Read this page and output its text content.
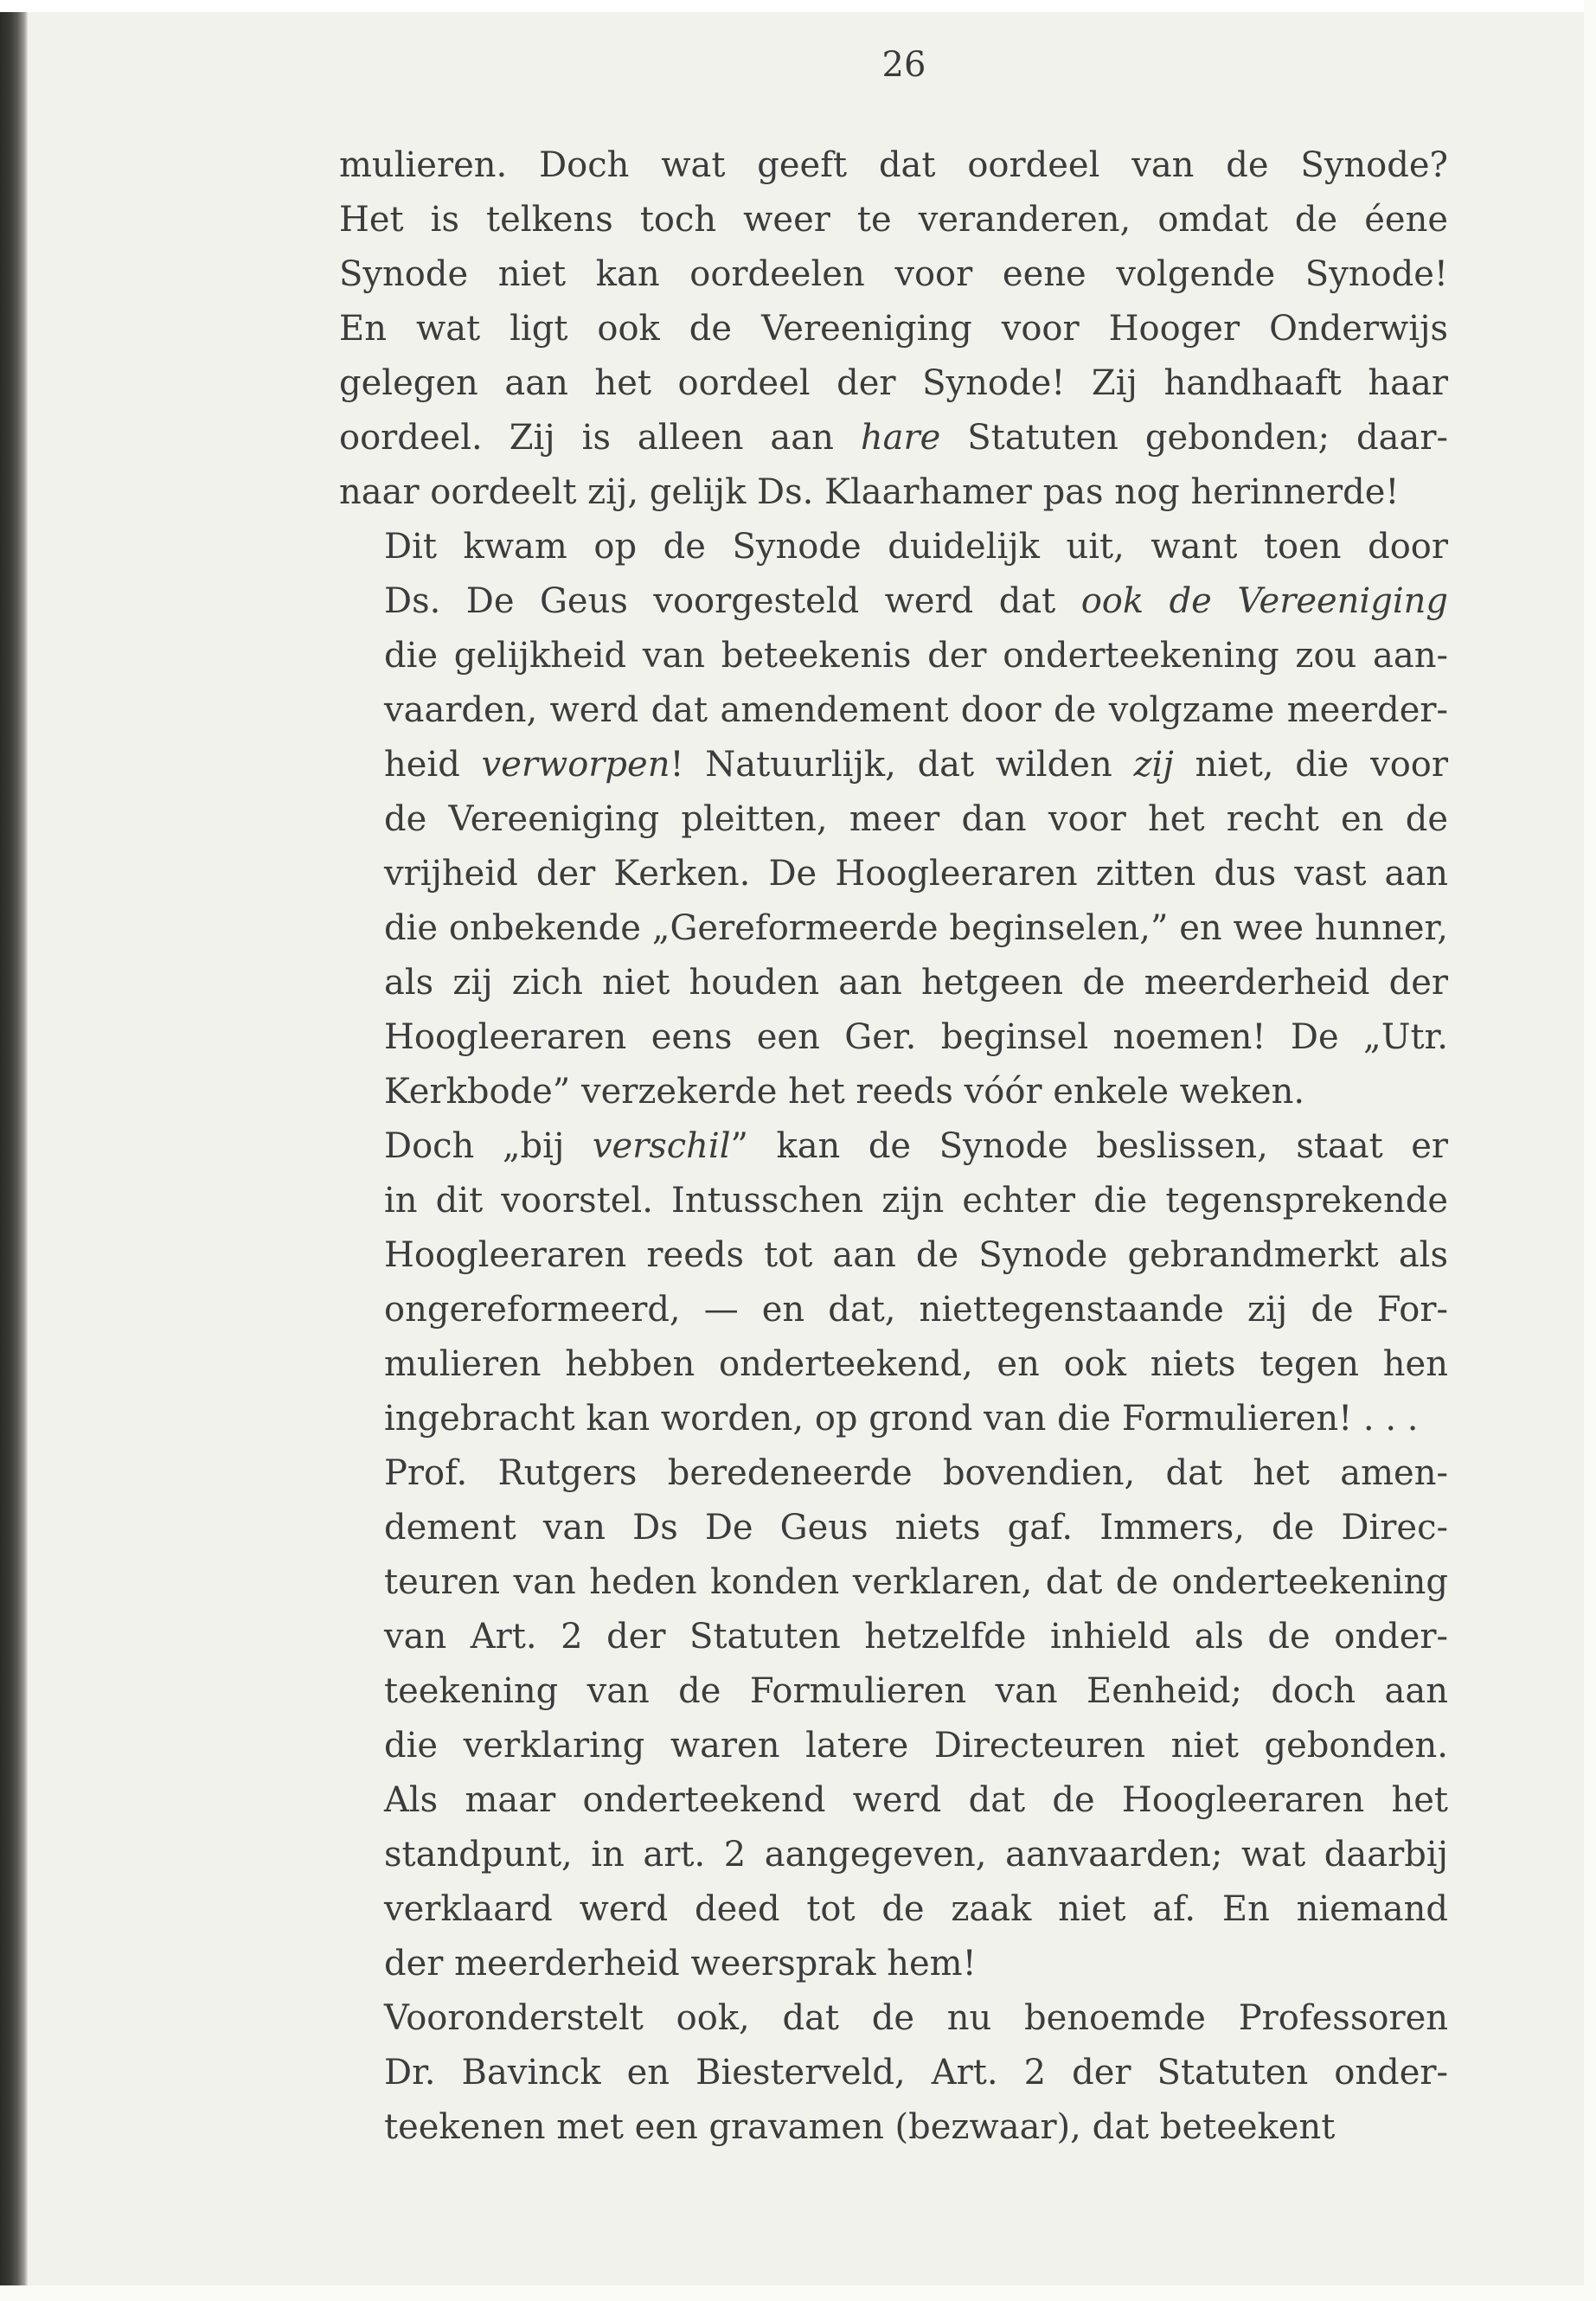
26
mulieren. Doch wat geeft dat oordeel van de Synode?
Het is telkens toch weer te veranderen, omdat de éene
Synode niet kan oordeelen voor eene volgende Synode!
En wat ligt ook de Vereeniging voor Hooger Onderwijs
gelegen aan het oordeel der Synode! Zij handhaaft haar
oordeel. Zij is alleen aan hare Statuten gebonden; daar-
naar oordeelt zij, gelijk Ds. Klaarhamer pas nog herinnerde!
Dit kwam op de Synode duidelijk uit, want toen door
Ds. De Geus voorgesteld werd dat ook de Vereeniging
die gelijkheid van beteekenis der onderteekening zou aan-
vaarden, werd dat amendement door de volgzame meerder-
heid verworpen! Natuurlijk, dat wilden zij niet, die voor
de Vereeniging pleitten, meer dan voor het recht en de
vrijheid der Kerken. De Hoogleeraren zitten dus vast aan
die onbekende „Gereformeerde beginselen,” en wee hunner,
als zij zich niet houden aan hetgeen de meerderheid der
Hoogleeraren eens een Ger. beginsel noemen! De „Utr.
Kerkbode” verzekerde het reeds vóór enkele weken.
Doch „bij verschil” kan de Synode beslissen, staat er
in dit voorstel. Intusschen zijn echter die tegensprekende
Hoogleeraren reeds tot aan de Synode gebrandmerkt als
ongereformeerd, — en dat, niettegenstaande zij de For-
mulieren hebben onderteekend, en ook niets tegen hen
ingebracht kan worden, op grond van die Formulieren! . . .
Prof. Rutgers beredeneerde bovendien, dat het amen-
dement van Ds De Geus niets gaf. Immers, de Direc-
teuren van heden konden verklaren, dat de onderteekening
van Art. 2 der Statuten hetzelfde inhield als de onder-
teekening van de Formulieren van Eenheid; doch aan
die verklaring waren latere Directeuren niet gebonden.
Als maar onderteekend werd dat de Hoogleeraren het
standpunt, in art. 2 aangegeven, aanvaarden; wat daarbij
verklaard werd deed tot de zaak niet af. En niemand
der meerderheid weersprak hem!
Vooronderstelt ook, dat de nu benoemde Professoren
Dr. Bavinck en Biesterveld, Art. 2 der Statuten onder-
teekenen met een gravamen (bezwaar), dat beteekent
